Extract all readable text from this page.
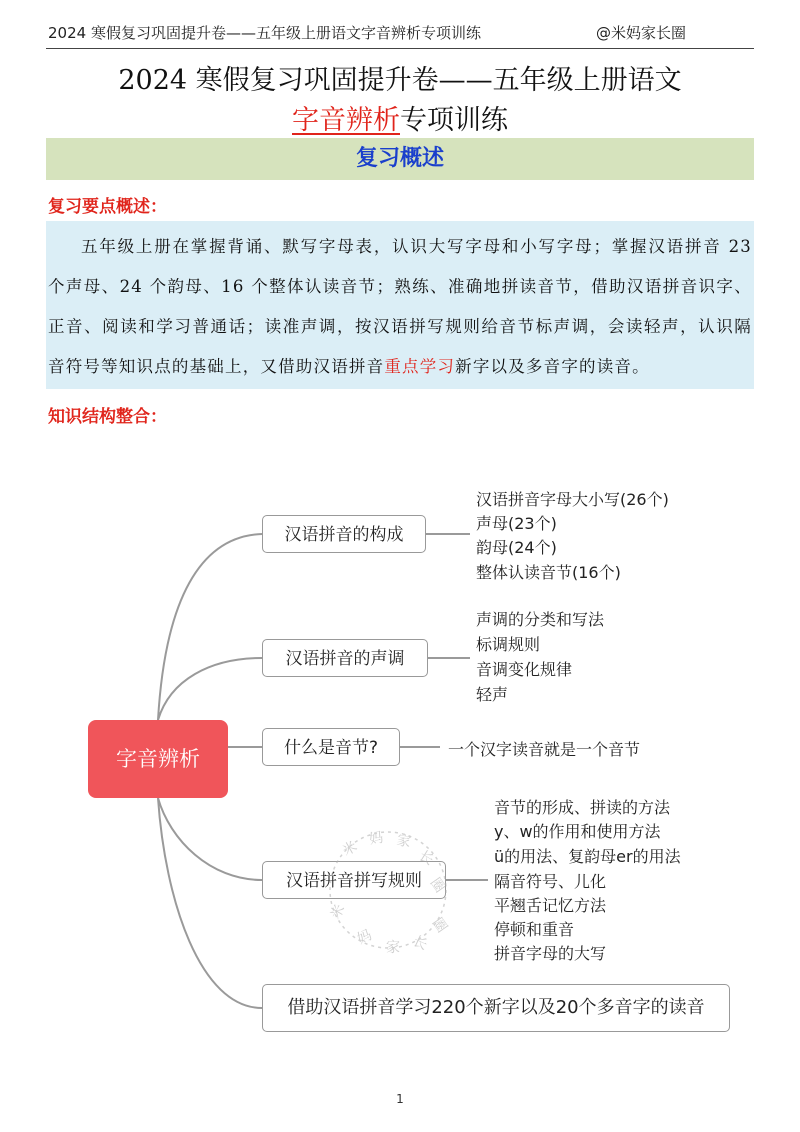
2024 寒假复习巩固提升卷——五年级上册语文字音辨析专项训练	@米妈家长圈
2024 寒假复习巩固提升卷——五年级上册语文
字音辨析专项训练
复习概述
复习要点概述：
五年级上册在掌握背诵、默写字母表，认识大写字母和小写字母；掌握汉语拼音 23 个声母、24 个韵母、16 个整体认读音节；熟练、准确地拼读音节，借助汉语拼音识字、正音、阅读和学习普通话；读准声调，按汉语拼写规则给音节标声调，会读轻声，认识隔音符号等知识点的基础上，又借助汉语拼音重点学习新字以及多音字的读音。
知识结构整合：
字音辨析
汉语拼音的构成
汉语拼音的声调
什么是音节?
汉语拼音拼写规则
借助汉语拼音学习220个新字以及20个多音字的读音
汉语拼音字母大小写(26个)
声母(23个)
韵母(24个)
整体认读音节(16个)
声调的分类和写法
标调规则
音调变化规律
轻声
一个汉字读音就是一个音节
音节的形成、拼读的方法
y、w的作用和使用方法
ü的用法、复韵母er的用法
隔音符号、儿化
平翘舌记忆方法
停顿和重音
拼音字母的大写
米 妈 家
长
圈
米
妈
家 长
圈
1
